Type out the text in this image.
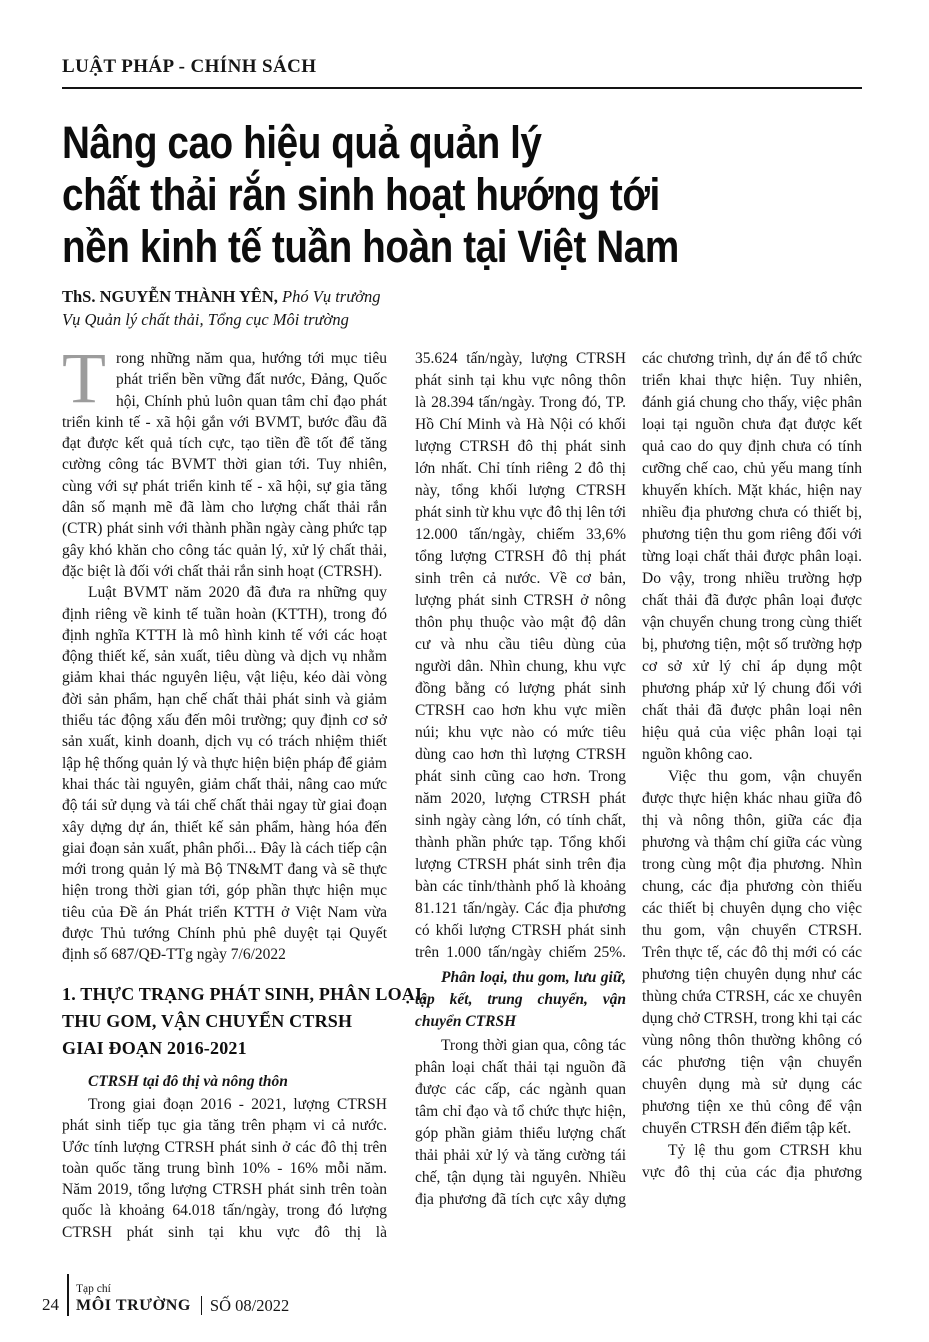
LUẬT PHÁP - CHÍNH SÁCH
Nâng cao hiệu quả quản lý
chất thải rắn sinh hoạt hướng tới
nền kinh tế tuần hoàn tại Việt Nam
ThS. NGUYỄN THÀNH YÊN, Phó Vụ trưởng
Vụ Quản lý chất thải, Tổng cục Môi trường

Trong những năm qua, hướng tới mục tiêu phát triển bền vững đất nước, Đảng, Quốc hội, Chính phủ luôn quan tâm chỉ đạo phát triển kinh tế - xã hội gắn với BVMT, bước đầu đã đạt được kết quả tích cực, tạo tiền đề tốt để tăng cường công tác BVMT thời gian tới. Tuy nhiên, cùng với sự phát triển kinh tế - xã hội, sự gia tăng dân số mạnh mẽ đã làm cho lượng chất thải rắn (CTR) phát sinh với thành phần ngày càng phức tạp gây khó khăn cho công tác quản lý, xử lý chất thải, đặc biệt là đối với chất thải rắn sinh hoạt (CTRSH).

Luật BVMT năm 2020 đã đưa ra những quy định riêng về kinh tế tuần hoàn (KTTH), trong đó định nghĩa KTTH là mô hình kinh tế với các hoạt động thiết kế, sản xuất, tiêu dùng và dịch vụ nhằm giảm khai thác nguyên liệu, vật liệu, kéo dài vòng đời sản phẩm, hạn chế chất thải phát sinh và giảm thiểu tác động xấu đến môi trường; quy định cơ sở sản xuất, kinh doanh, dịch vụ có trách nhiệm thiết lập hệ thống quản lý và thực hiện biện pháp để giảm khai thác tài nguyên, giảm chất thải, nâng cao mức độ tái sử dụng và tái chế chất thải ngay từ giai đoạn xây dựng dự án, thiết kế sản phẩm, hàng hóa đến giai đoạn sản xuất, phân phối... Đây là cách tiếp cận mới trong quản lý mà Bộ TN&MT đang và sẽ thực hiện trong thời gian tới, góp phần thực hiện mục tiêu của Đề án Phát triển KTTH ở Việt Nam vừa được Thủ tướng Chính phủ phê duyệt tại Quyết định số 687/QĐ-TTg ngày 7/6/2022

1. THỰC TRẠNG PHÁT SINH, PHÂN LOẠI,
THU GOM, VẬN CHUYỂN CTRSH
GIAI ĐOẠN 2016-2021
CTRSH tại đô thị và nông thôn

Trong giai đoạn 2016 - 2021, lượng CTRSH phát sinh tiếp tục gia tăng trên phạm vi cả nước. Ước tính lượng CTRSH phát sinh ở các đô thị trên toàn quốc tăng trung bình 10% - 16% mỗi năm. Năm 2019, tổng lượng CTRSH phát sinh trên toàn quốc là khoảng 64.018 tấn/ngày, trong đó lượng CTRSH phát sinh tại khu vực đô thị là

35.624 tấn/ngày, lượng CTRSH phát sinh tại khu vực nông thôn là 28.394 tấn/ngày. Trong đó, TP. Hồ Chí Minh và Hà Nội có khối lượng CTRSH đô thị phát sinh lớn nhất. Chỉ tính riêng 2 đô thị này, tổng khối lượng CTRSH phát sinh từ khu vực đô thị lên tới 12.000 tấn/ngày, chiếm 33,6% tổng lượng CTRSH đô thị phát sinh trên cả nước. Về cơ bản, lượng phát sinh CTRSH ở nông thôn phụ thuộc vào mật độ dân cư và nhu cầu tiêu dùng của người dân. Nhìn chung, khu vực đồng bằng có lượng phát sinh CTRSH cao hơn khu vực miền núi; khu vực nào có mức tiêu dùng cao hơn thì lượng CTRSH phát sinh cũng cao hơn. Trong năm 2020, lượng CTRSH phát sinh ngày càng lớn, có tính chất, thành phần phức tạp. Tổng khối lượng CTRSH phát sinh trên địa bàn các tỉnh/thành phố là khoảng 81.121 tấn/ngày. Các địa phương có khối lượng CTRSH phát sinh trên 1.000 tấn/ngày chiếm 25%.

Phân loại, thu gom, lưu giữ, tập kết, trung chuyển, vận chuyển CTRSH

Trong thời gian qua, công tác phân loại chất thải tại nguồn đã được các cấp, các ngành quan tâm chỉ đạo và tổ chức thực hiện, góp phần giảm thiểu lượng chất thải phải xử lý và tăng cường tái chế, tận dụng tài nguyên. Nhiều địa phương đã tích cực xây dựng

các chương trình, dự án để tổ chức triển khai thực hiện. Tuy nhiên, đánh giá chung cho thấy, việc phân loại tại nguồn chưa đạt được kết quả cao do quy định chưa có tính cưỡng chế cao, chủ yếu mang tính khuyến khích. Mặt khác, hiện nay nhiều địa phương chưa có thiết bị, phương tiện thu gom riêng đối với từng loại chất thải được phân loại. Do vậy, trong nhiều trường hợp chất thải đã được phân loại được vận chuyển chung trong cùng thiết bị, phương tiện, một số trường hợp cơ sở xử lý chỉ áp dụng một phương pháp xử lý chung đối với chất thải đã được phân loại nên hiệu quả của việc phân loại tại nguồn không cao.

Việc thu gom, vận chuyển được thực hiện khác nhau giữa đô thị và nông thôn, giữa các địa phương và thậm chí giữa các vùng trong cùng một địa phương. Nhìn chung, các địa phương còn thiếu các thiết bị chuyên dụng cho việc thu gom, vận chuyển CTRSH. Trên thực tế, các đô thị mới có các phương tiện chuyên dụng như các thùng chứa CTRSH, các xe chuyên dụng chở CTRSH, trong khi tại các vùng nông thôn thường không có các phương tiện vận chuyển chuyên dụng mà sử dụng các phương tiện xe thủ công để vận chuyển CTRSH đến điểm tập kết.

Tỷ lệ thu gom CTRSH khu vực đô thị của các địa phương

24
Tạp chí
MÔI TRƯỜNG SỐ 08/2022
